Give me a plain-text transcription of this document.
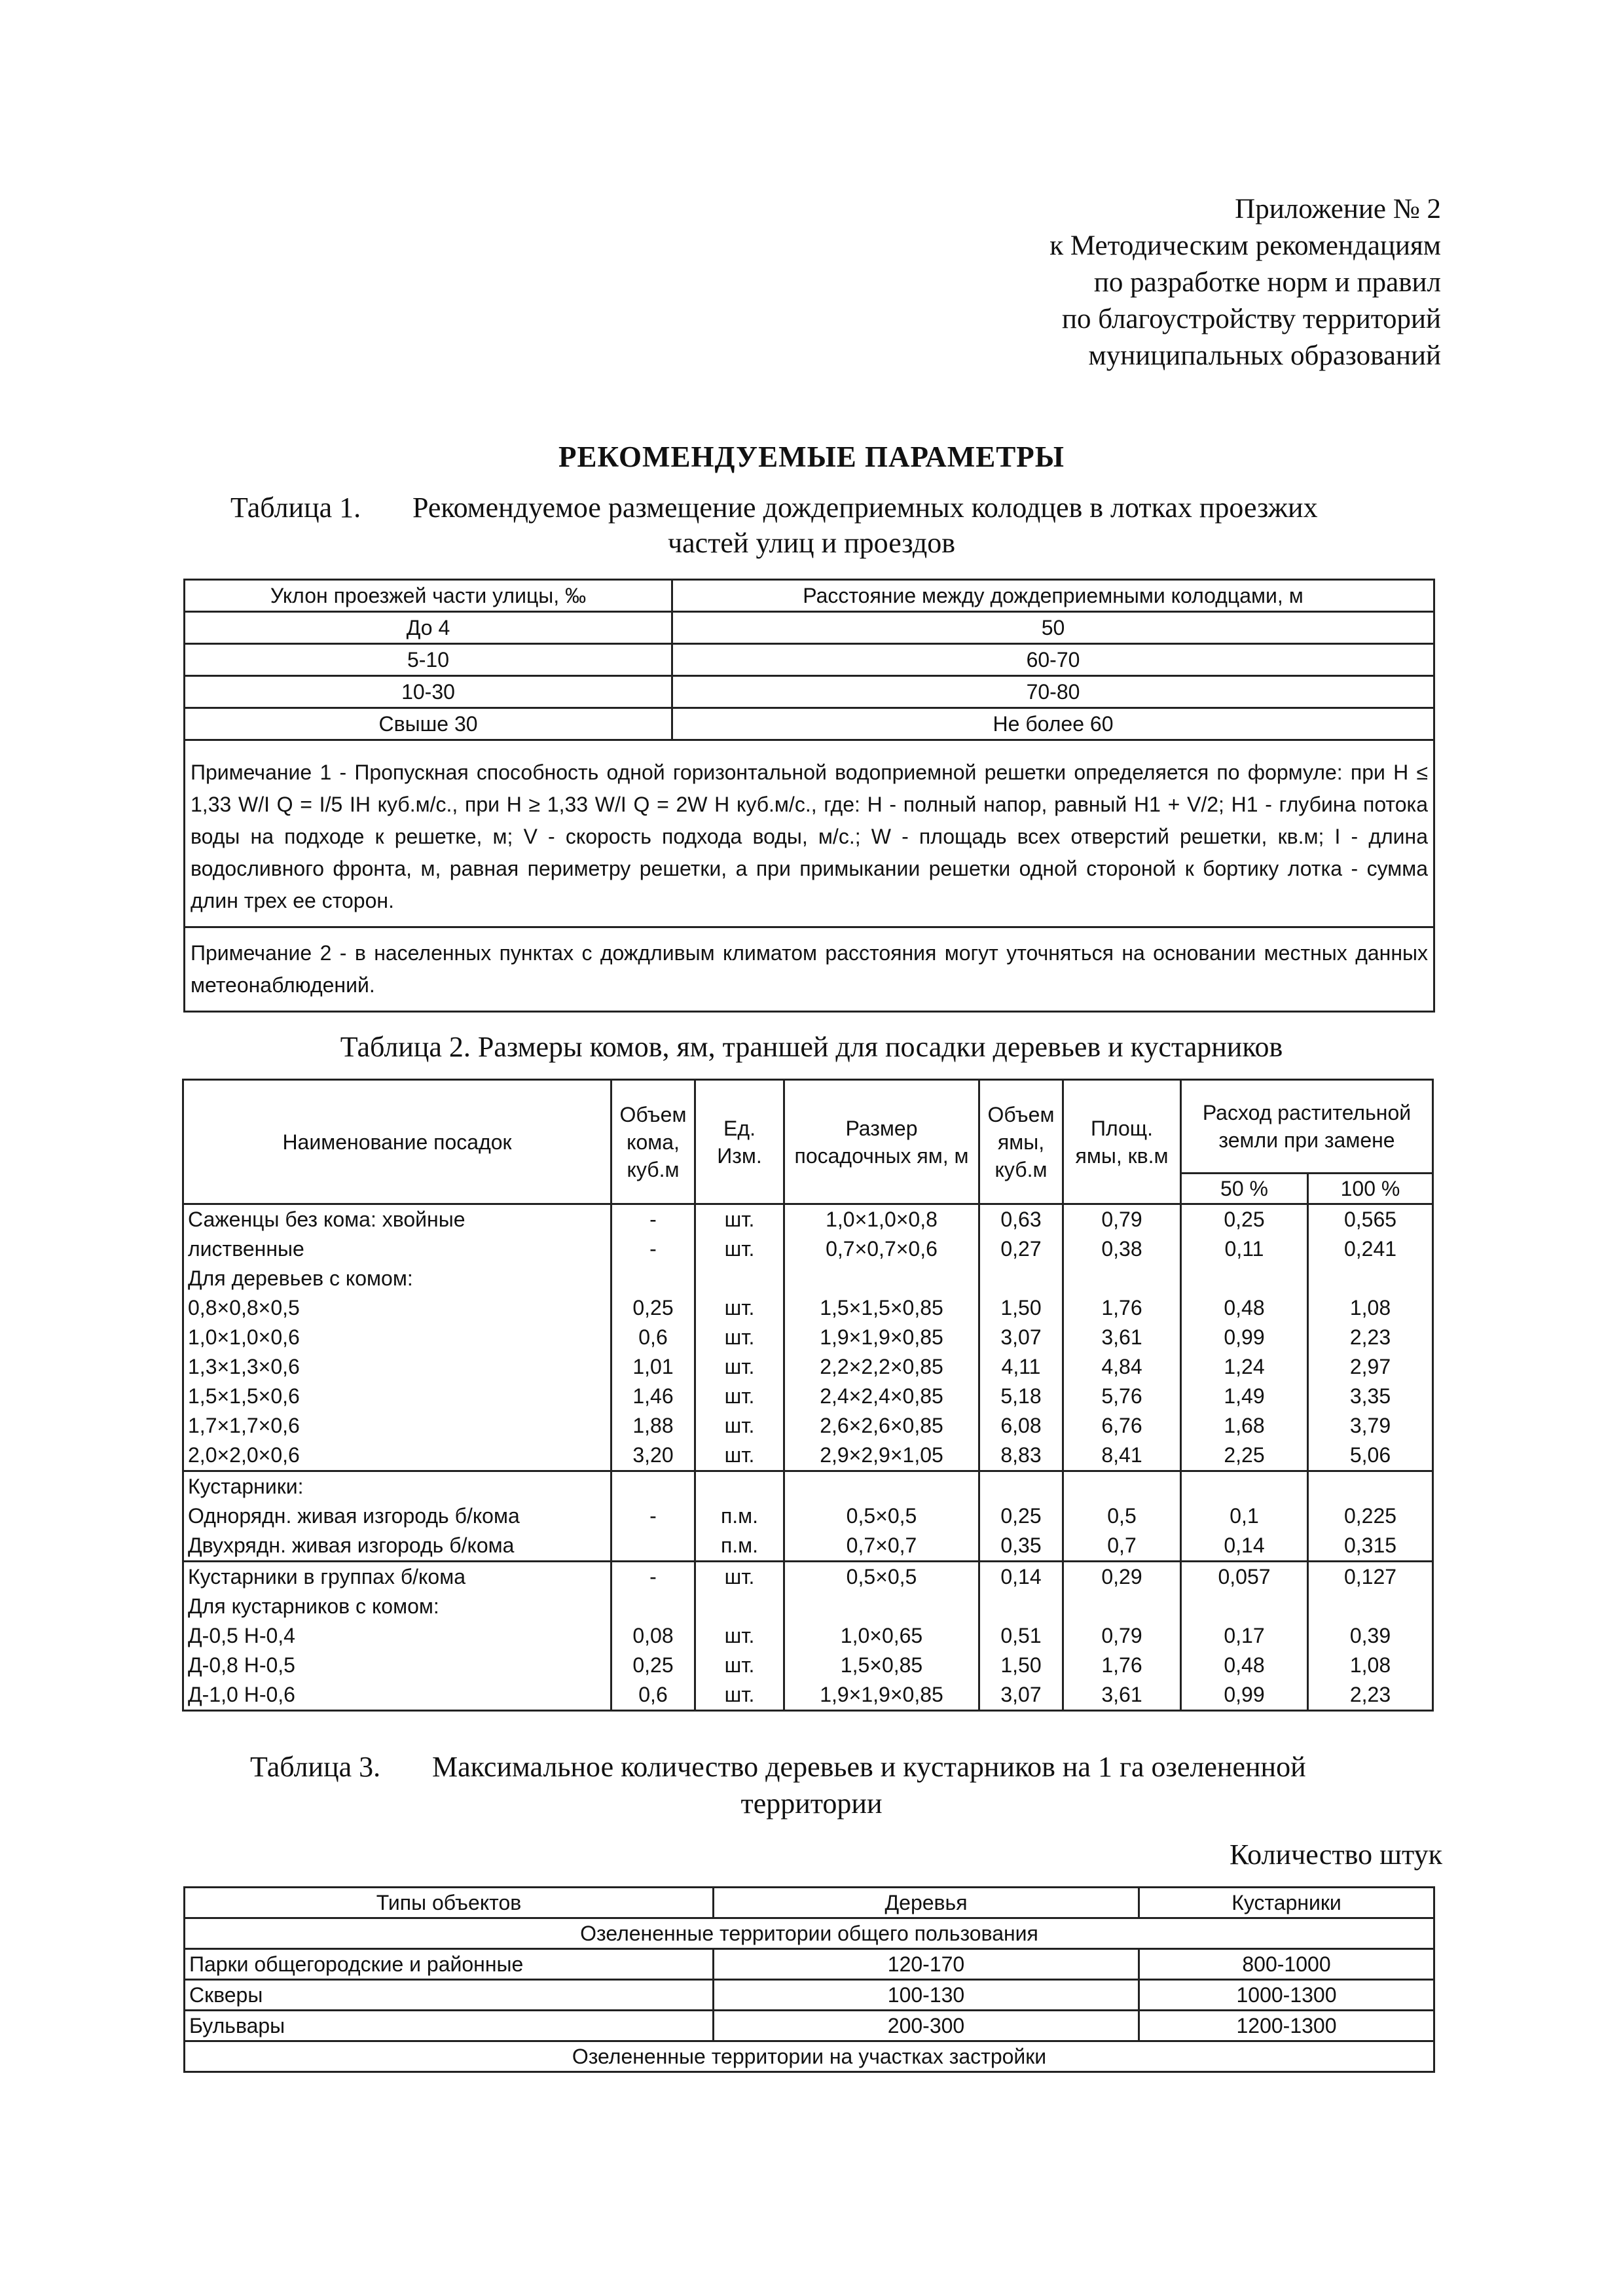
Приложение № 2
к Методическим рекомендациям
по разработке норм и правил
по благоустройству территорий
муниципальных образований
РЕКОМЕНДУЕМЫЕ ПАРАМЕТРЫ
Таблица 1. Рекомендуемое размещение дождеприемных колодцев в лотках проезжих
частей улиц и проездов
Уклон проезжей части улицы, ‰	Расстояние между дождеприемными колодцами, м
До 4	50
5-10	60-70
10-30	70-80
Свыше 30	Не более 60
Примечание 1 - Пропускная способность одной горизонтальной водоприемной решетки определяется по формуле: при H ≤ 1,33 W/I Q = I/5 IH куб.м/с., при H ≥ 1,33 W/I Q = 2W H куб.м/с., где: H - полный напор, равный H1 + V/2; H1 - глубина потока воды на подходе к решетке, м; V - скорость подхода воды, м/с.; W - площадь всех отверстий решетки, кв.м; I - длина водосливного фронта, м, равная периметру решетки, а при примыкании решетки одной стороной к бортику лотка - сумма длин трех ее сторон.	
Примечание 2 - в населенных пунктах с дождливым климатом расстояния могут уточняться на основании местных данных метеонаблюдений.	
Таблица 2. Размеры комов, ям, траншей для посадки деревьев и кустарников
Наименование посадок	Объем кома, куб.м	Ед. Изм.	Размер посадочных ям, м	Объем ямы, куб.м	Площ. ямы, кв.м	Расход растительной земли при замене	
						50 %	100 %
Саженцы без кома: хвойные	-	шт.	1,0×1,0×0,8	0,63	0,79	0,25	0,565
лиственные	-	шт.	0,7×0,7×0,6	0,27	0,38	0,11	0,241
Для деревьев с комом:							
0,8×0,8×0,5	0,25	шт.	1,5×1,5×0,85	1,50	1,76	0,48	1,08
1,0×1,0×0,6	0,6	шт.	1,9×1,9×0,85	3,07	3,61	0,99	2,23
1,3×1,3×0,6	1,01	шт.	2,2×2,2×0,85	4,11	4,84	1,24	2,97
1,5×1,5×0,6	1,46	шт.	2,4×2,4×0,85	5,18	5,76	1,49	3,35
1,7×1,7×0,6	1,88	шт.	2,6×2,6×0,85	6,08	6,76	1,68	3,79
2,0×2,0×0,6	3,20	шт.	2,9×2,9×1,05	8,83	8,41	2,25	5,06
Кустарники:							
Однорядн. живая изгородь б/кома	-	п.м.	0,5×0,5	0,25	0,5	0,1	0,225
Двухрядн. живая изгородь б/кома		п.м.	0,7×0,7	0,35	0,7	0,14	0,315
Кустарники в группах б/кома	-	шт.	0,5×0,5	0,14	0,29	0,057	0,127
Для кустарников с комом:							
Д-0,5 Н-0,4	0,08	шт.	1,0×0,65	0,51	0,79	0,17	0,39
Д-0,8 Н-0,5	0,25	шт.	1,5×0,85	1,50	1,76	0,48	1,08
Д-1,0 Н-0,6	0,6	шт.	1,9×1,9×0,85	3,07	3,61	0,99	2,23
Таблица 3. Максимальное количество деревьев и кустарников на 1 га озелененной
территории
Количество штук
Типы объектов	Деревья	Кустарники
Озелененные территории общего пользования		
Парки общегородские и районные	120-170	800-1000
Скверы	100-130	1000-1300
Бульвары	200-300	1200-1300
Озелененные территории на участках застройки		
